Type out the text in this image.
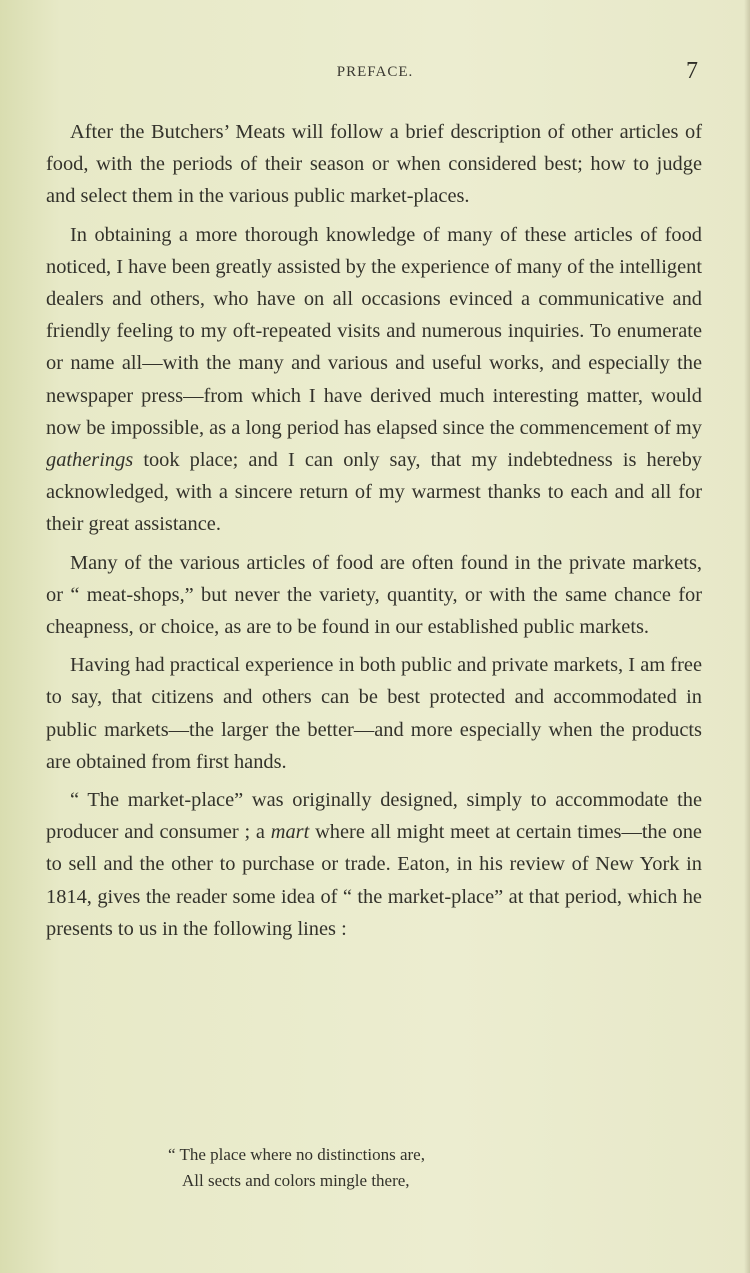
PREFACE.	7

After the Butchers’ Meats will follow a brief description of other articles of food, with the periods of their season or when considered best; how to judge and select them in the various public market-places.

In obtaining a more thorough knowledge of many of these articles of food noticed, I have been greatly assisted by the experience of many of the intelligent dealers and others, who have on all occasions evinced a communicative and friendly feeling to my oft-repeated visits and numerous inquiries. To enumerate or name all—with the many and various and useful works, and especially the newspaper press—from which I have derived much interesting matter, would now be impossible, as a long period has elapsed since the commencement of my gatherings took place; and I can only say, that my indebtedness is hereby acknowledged, with a sincere return of my warmest thanks to each and all for their great assistance.

Many of the various articles of food are often found in the private markets, or “ meat-shops,” but never the variety, quantity, or with the same chance for cheapness, or choice, as are to be found in our established public markets.

Having had practical experience in both public and private markets, I am free to say, that citizens and others can be best protected and accommodated in public markets—the larger the better—and more especially when the products are obtained from first hands.

“ The market-place” was originally designed, simply to accommodate the producer and consumer ; a mart where all might meet at certain times—the one to sell and the other to purchase or trade. Eaton, in his review of New York in 1814, gives the reader some idea of “ the market-place” at that period, which he presents to us in the following lines :

“ The place where no distinctions are,
All sects and colors mingle there,
